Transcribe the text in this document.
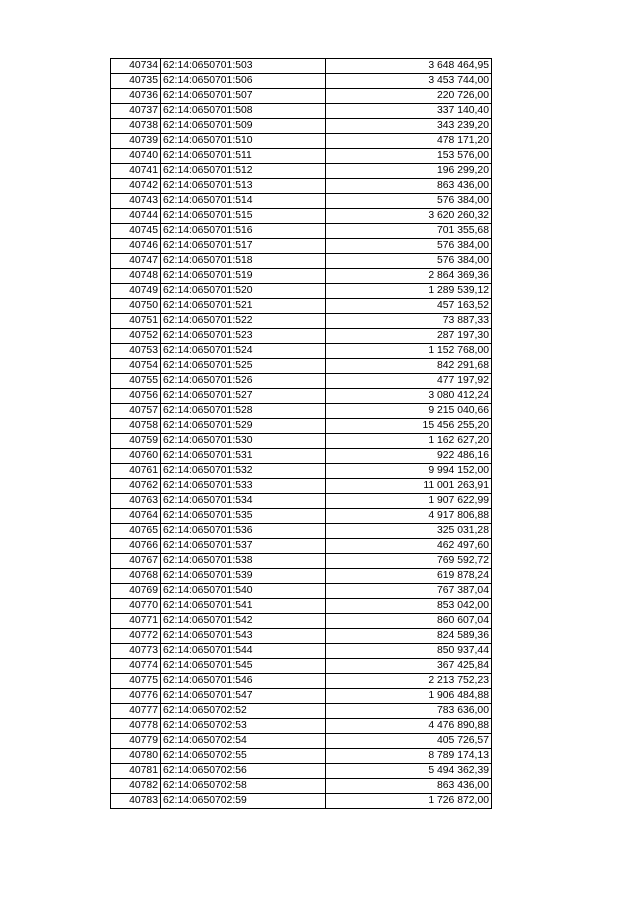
40734	62:14:0650701:503	3 648 464,95
40735	62:14:0650701:506	3 453 744,00
40736	62:14:0650701:507	220 726,00
40737	62:14:0650701:508	337 140,40
40738	62:14:0650701:509	343 239,20
40739	62:14:0650701:510	478 171,20
40740	62:14:0650701:511	153 576,00
40741	62:14:0650701:512	196 299,20
40742	62:14:0650701:513	863 436,00
40743	62:14:0650701:514	576 384,00
40744	62:14:0650701:515	3 620 260,32
40745	62:14:0650701:516	701 355,68
40746	62:14:0650701:517	576 384,00
40747	62:14:0650701:518	576 384,00
40748	62:14:0650701:519	2 864 369,36
40749	62:14:0650701:520	1 289 539,12
40750	62:14:0650701:521	457 163,52
40751	62:14:0650701:522	73 887,33
40752	62:14:0650701:523	287 197,30
40753	62:14:0650701:524	1 152 768,00
40754	62:14:0650701:525	842 291,68
40755	62:14:0650701:526	477 197,92
40756	62:14:0650701:527	3 080 412,24
40757	62:14:0650701:528	9 215 040,66
40758	62:14:0650701:529	15 456 255,20
40759	62:14:0650701:530	1 162 627,20
40760	62:14:0650701:531	922 486,16
40761	62:14:0650701:532	9 994 152,00
40762	62:14:0650701:533	11 001 263,91
40763	62:14:0650701:534	1 907 622,99
40764	62:14:0650701:535	4 917 806,88
40765	62:14:0650701:536	325 031,28
40766	62:14:0650701:537	462 497,60
40767	62:14:0650701:538	769 592,72
40768	62:14:0650701:539	619 878,24
40769	62:14:0650701:540	767 387,04
40770	62:14:0650701:541	853 042,00
40771	62:14:0650701:542	860 607,04
40772	62:14:0650701:543	824 589,36
40773	62:14:0650701:544	850 937,44
40774	62:14:0650701:545	367 425,84
40775	62:14:0650701:546	2 213 752,23
40776	62:14:0650701:547	1 906 484,88
40777	62:14:0650702:52	783 636,00
40778	62:14:0650702:53	4 476 890,88
40779	62:14:0650702:54	405 726,57
40780	62:14:0650702:55	8 789 174,13
40781	62:14:0650702:56	5 494 362,39
40782	62:14:0650702:58	863 436,00
40783	62:14:0650702:59	1 726 872,00
